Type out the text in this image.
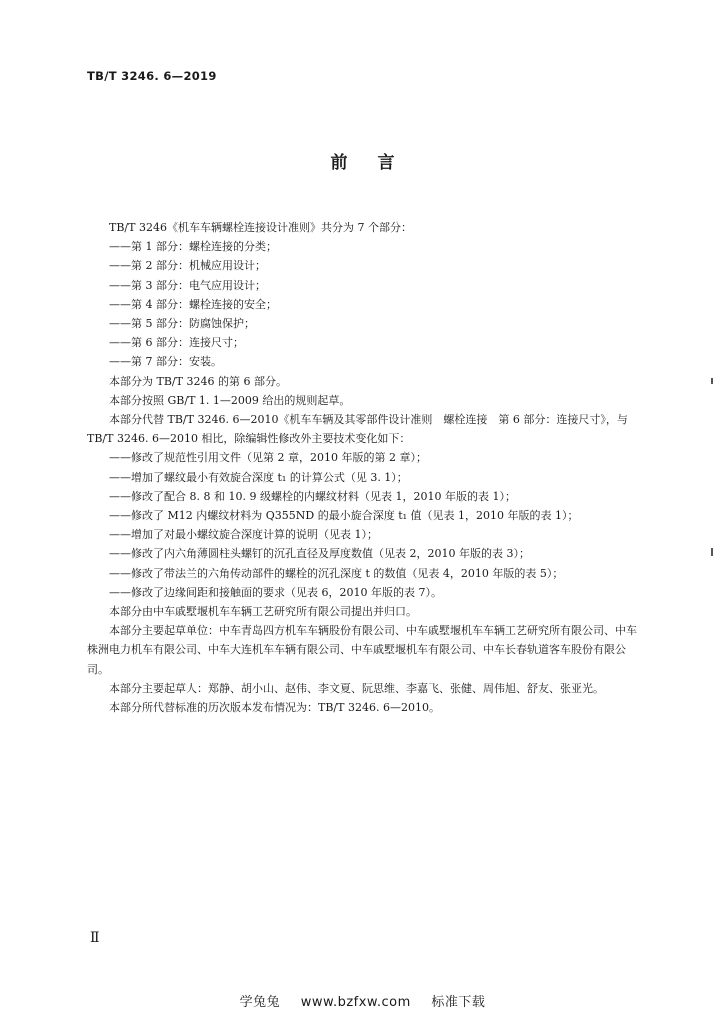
TB/T 3246. 6—2019
前言

TB/T 3246《机车车辆螺栓连接设计准则》共分为 7 个部分：

——第 1 部分：螺栓连接的分类；

——第 2 部分：机械应用设计；

——第 3 部分：电气应用设计；

——第 4 部分：螺栓连接的安全；

——第 5 部分：防腐蚀保护；

——第 6 部分：连接尺寸；

——第 7 部分：安装。

本部分为 TB/T 3246 的第 6 部分。

本部分按照 GB/T 1. 1—2009 给出的规则起草。

本部分代替 TB/T 3246. 6—2010《机车车辆及其零部件设计准则　螺栓连接　第 6 部分：连接尺寸》，与 TB/T 3246. 6—2010 相比，除编辑性修改外主要技术变化如下：

——修改了规范性引用文件（见第 2 章，2010 年版的第 2 章）；

——增加了螺纹最小有效旋合深度 t₁ 的计算公式（见 3. 1）；

——修改了配合 8. 8 和 10. 9 级螺栓的内螺纹材料（见表 1，2010 年版的表 1）；

——修改了 M12 内螺纹材料为 Q355ND 的最小旋合深度 t₁ 值（见表 1，2010 年版的表 1）；

——增加了对最小螺纹旋合深度计算的说明（见表 1）；

——修改了内六角薄圆柱头螺钉的沉孔直径及厚度数值（见表 2，2010 年版的表 3）；

——修改了带法兰的六角传动部件的螺栓的沉孔深度 t 的数值（见表 4，2010 年版的表 5）；

——修改了边缘间距和接触面的要求（见表 6，2010 年版的表 7）。

本部分由中车戚墅堰机车车辆工艺研究所有限公司提出并归口。

本部分主要起草单位：中车青岛四方机车车辆股份有限公司、中车戚墅堰机车车辆工艺研究所有限公司、中车株洲电力机车有限公司、中车大连机车车辆有限公司、中车戚墅堰机车有限公司、中车长春轨道客车股份有限公司。

本部分主要起草人：郑静、胡小山、赵伟、李文夏、阮思维、李嘉飞、张健、周伟旭、舒友、张亚光。

本部分所代替标准的历次版本发布情况为：TB/T 3246. 6—2010。

Ⅱ
学兔兔 www.bzfxw.com 标准下载
